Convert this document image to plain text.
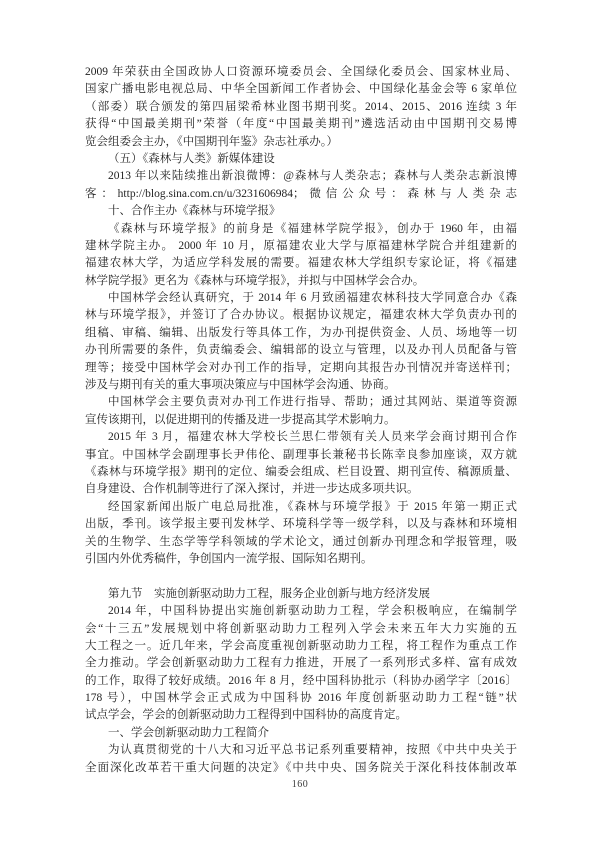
2009 年荣获由全国政协人口资源环境委员会、全国绿化委员会、国家林业局、
国家广播电影电视总局、中华全国新闻工作者协会、中国绿化基金会等 6 家单位
（部委）联合颁发的第四届梁希林业图书期刊奖。2014、2015、2016 连续 3 年
获得“中国最美期刊”荣誉（年度“中国最美期刊”遴选活动由中国期刊交易博
览会组委会主办，《中国期刊年鉴》杂志社承办。）
（五）《森林与人类》新媒体建设
2013 年以来陆续推出新浪微博：@森林与人类杂志；森林与人类杂志新浪博
客：http://blog.sina.com.cn/u/3231606984；微信公众号：森林与人类杂志
十、合作主办《森林与环境学报》
《森林与环境学报》的前身是《福建林学院学报》，创办于 1960 年，由福
建林学院主办。 2000 年 10 月，原福建农业大学与原福建林学院合并组建新的
福建农林大学，为适应学科发展的需要。福建农林大学组织专家论证，将《福建
林学院学报》更名为《森林与环境学报》，并拟与中国林学会合办。
中国林学会经认真研究，于 2014 年 6 月致函福建农林科技大学同意合办《森
林与环境学报》，并签订了合办协议。根据协议规定，福建农林大学负责办刊的
组稿、审稿、编辑、出版发行等具体工作，为办刊提供资金、人员、场地等一切
办刊所需要的条件，负责编委会、编辑部的设立与管理，以及办刊人员配备与管
理等；接受中国林学会对办刊工作的指导，定期向其报告办刊情况并寄送样刊；
涉及与期刊有关的重大事项决策应与中国林学会沟通、协商。
中国林学会主要负责对办刊工作进行指导、帮助；通过其网站、渠道等资源
宣传该期刊，以促进期刊的传播及进一步提高其学术影响力。
2015 年 3 月，福建农林大学校长兰思仁带领有关人员来学会商讨期刊合作
事宜。中国林学会副理事长尹伟伦、副理事长兼秘书长陈幸良参加座谈，双方就
《森林与环境学报》期刊的定位、编委会组成、栏目设置、期刊宣传、稿源质量、
自身建设、合作机制等进行了深入探讨，并进一步达成多项共识。
经国家新闻出版广电总局批准，《森林与环境学报》于 2015 年第一期正式
出版，季刊。该学报主要刊发林学、环境科学等一级学科，以及与森林和环境相
关的生物学、生态学等学科领域的学术论文，通过创新办刊理念和学报管理，吸
引国内外优秀稿件，争创国内一流学报、国际知名期刊。
第九节　实施创新驱动助力工程，服务企业创新与地方经济发展
2014 年，中国科协提出实施创新驱动助力工程，学会积极响应，在编制学
会“十三五”发展规划中将创新驱动助力工程列入学会未来五年大力实施的五
大工程之一。近几年来，学会高度重视创新驱动助力工程，将工程作为重点工作
全力推动。学会创新驱动助力工程有力推进，开展了一系列形式多样、富有成效
的工作，取得了较好成绩。2016 年 8 月，经中国科协批示（科协办函学字〔2016〕
178 号），中国林学会正式成为中国科协 2016 年度创新驱动助力工程“链”状
试点学会，学会的创新驱动助力工程得到中国科协的高度肯定。
一、学会创新驱动助力工程简介
为认真贯彻党的十八大和习近平总书记系列重要精神，按照《中共中央关于
全面深化改革若干重大问题的决定》《中共中央、国务院关于深化科技体制改革
160
